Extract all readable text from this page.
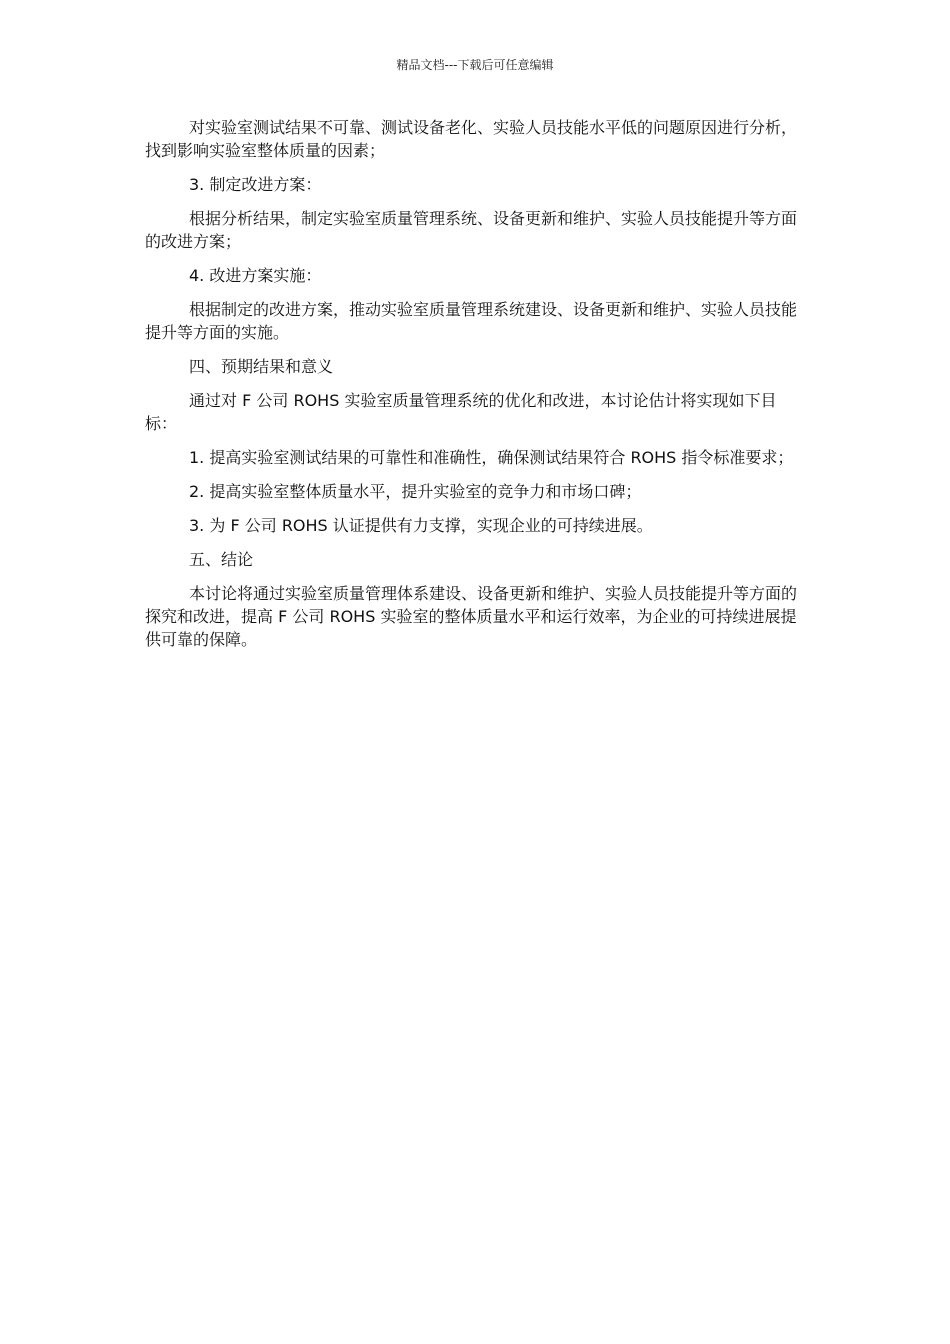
精品文档---下载后可任意编辑

对实验室测试结果不可靠、测试设备老化、实验人员技能水平低的问题原因进行分析，找到影响实验室整体质量的因素；

3. 制定改进方案：

根据分析结果，制定实验室质量管理系统、设备更新和维护、实验人员技能提升等方面的改进方案；

4. 改进方案实施：

根据制定的改进方案，推动实验室质量管理系统建设、设备更新和维护、实验人员技能提升等方面的实施。

四、预期结果和意义

通过对 F 公司 ROHS 实验室质量管理系统的优化和改进，本讨论估计将实现如下目标：

1. 提高实验室测试结果的可靠性和准确性，确保测试结果符合 ROHS 指令标准要求；

2. 提高实验室整体质量水平，提升实验室的竞争力和市场口碑；

3. 为 F 公司 ROHS 认证提供有力支撑，实现企业的可持续进展。

五、结论

本讨论将通过实验室质量管理体系建设、设备更新和维护、实验人员技能提升等方面的探究和改进，提高 F 公司 ROHS 实验室的整体质量水平和运行效率，为企业的可持续进展提供可靠的保障。
